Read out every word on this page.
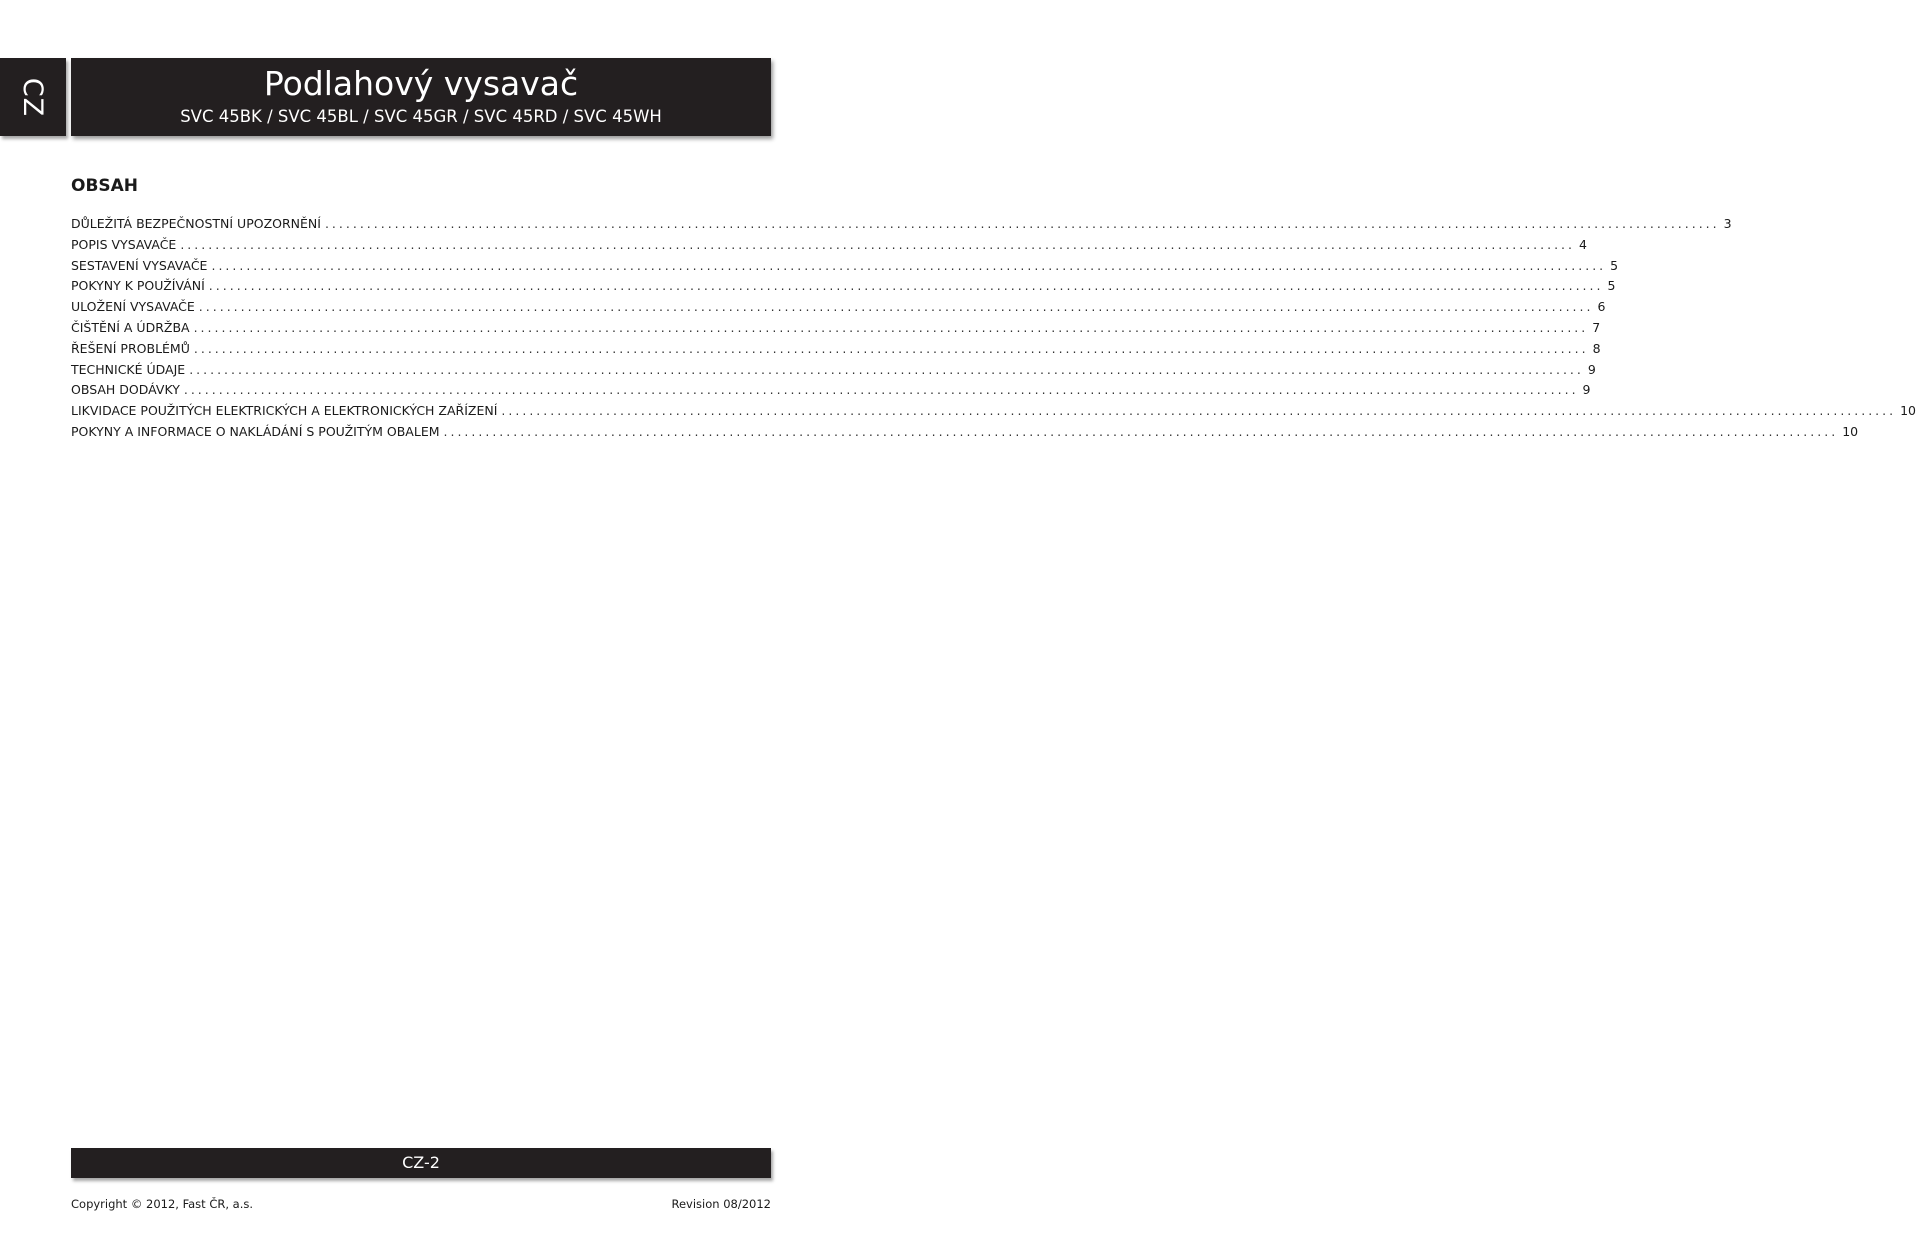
CZ	Podlahový vysavač
SVC 45BK / SVC 45BL / SVC 45GR / SVC 45RD / SVC 45WH
OBSAH
DŮLEŽITÁ BEZPEČNOSTNÍ UPOZORNĚNÍ ........................................................................................................................................................................................................ 3
POPIS VYSAVAČE ........................................................................................................................................................................................................ 4
SESTAVENÍ VYSAVAČE ........................................................................................................................................................................................................ 5
POKYNY K POUŽÍVÁNÍ ........................................................................................................................................................................................................ 5
ULOŽENÍ VYSAVAČE ........................................................................................................................................................................................................ 6
ČIŠTĚNÍ A ÚDRŽBA ........................................................................................................................................................................................................ 7
ŘEŠENÍ PROBLÉMŮ ........................................................................................................................................................................................................ 8
TECHNICKÉ ÚDAJE ........................................................................................................................................................................................................ 9
OBSAH DODÁVKY ........................................................................................................................................................................................................ 9
LIKVIDACE POUŽITÝCH ELEKTRICKÝCH A ELEKTRONICKÝCH ZAŘÍZENÍ ........................................................................................................................................................................................................ 10
POKYNY A INFORMACE O NAKLÁDÁNÍ S POUŽITÝM OBALEM ........................................................................................................................................................................................................ 10
CZ-2
Copyright © 2012, Fast ČR, a.s.	Revision 08/2012
